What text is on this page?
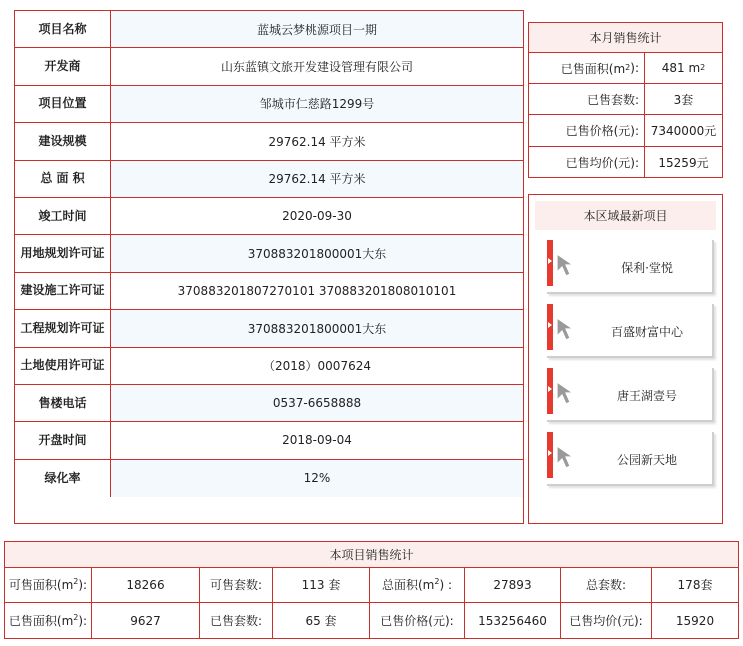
项目名称	蓝城云梦桃源项目一期
开发商	山东蓝镇文旅开发建设管理有限公司
项目位置	邹城市仁慈路1299号
建设规模	29762.14 平方米
总 面 积	29762.14 平方米
竣工时间	2020-09-30
用地规划许可证	370883201800001大东
建设施工许可证	370883201807270101 370883201808010101
工程规划许可证	370883201800001大东
土地使用许可证	（2018）0007624
售楼电话	0537-6658888
开盘时间	2018-09-04
绿化率	12%
本月销售统计
已售面积(m 2 ): 481 m 2
已售套数:	3套
已售价格(元): 7340000元
已售均价(元):	15259元
本区域最新项目
保利·堂悦
百盛财富中心
唐王湖壹号
公园新天地
本项目销售统计
可售面积$(m^2)$:	18266	可售套数:	113 套	总面积$(m^2)$ :	27893	总套数:	178套
已售面积$(m^2)$:	9627	已售套数:	65 套	已售价格(元):	153256460	已售均价(元):	15920
